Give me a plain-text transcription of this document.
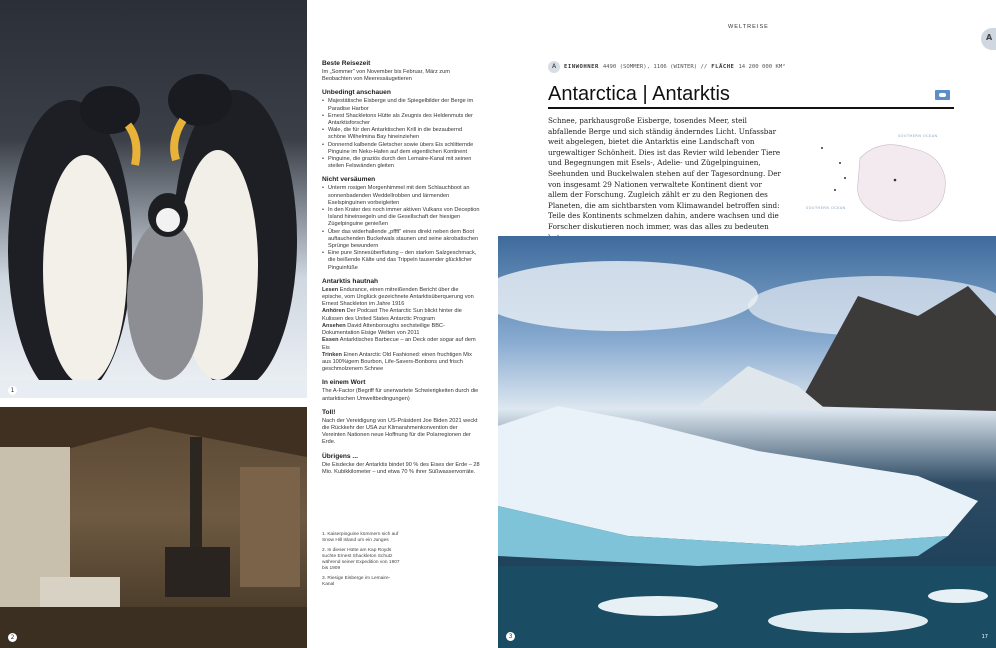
1
2
Beste Reisezeit

Im „Sommer" von November bis Februar, März zum Beobachten von Meeressäugetieren

Unbedingt anschauen
• Majestätische Eisberge und die Spiegelbilder der Berge im Paradise Harbor
• Ernest Shackletons Hütte als Zeugnis des Heldenmuts der Antarktisforscher
• Wale, die für den Antarktischen Krill in die bezaubernd schöne Wilhelmina Bay hineinziehen
• Donnernd kalbende Gletscher sowie übers Eis schlitternde Pinguine im Neko-Hafen auf dem eigentlichen Kontinent
• Pinguine, die graziös durch den Lemaire-Kanal mit seinen steilen Felswänden gleiten
Nicht versäumen
• Unterm rosigen Morgenhimmel mit dem Schlauchboot an sonnenbadenden Weddellrobben und lärmenden Eselspinguinen vorbeigleiten
• In den Krater des noch immer aktiven Vulkans von Deception Island hineinsegeln und die Gesellschaft der hiesigen Zügelpinguine genießen
• Über das widerhallende „pffft" eines direkt neben dem Boot auftauchenden Buckelwals staunen und seine akrobatischen Sprünge bewundern
• Eine pure Sinnesüberflutung – den starken Salzgeschmack, die beißende Kälte und das Trippeln tausender glücklicher Pinguinfüße
Antarktis hautnah

Lesen Endurance, einen mitreißenden Bericht über die epische, vom Unglück gezeichnete Antarktisüberquerung von Ernest Shackleton im Jahre 1916

Anhören Der Podcast The Antarctic Sun blickt hinter die Kulissen des United States Antarctic Program

Ansehen David Attenboroughs sechsteilige BBC-Dokumentation Eisige Welten von 2011

Essen Antarktisches Barbecue – an Deck oder sogar auf dem Eis

Trinken Einen Antarctic Old Fashioned: einen fruchtigen Mix aus 100%igem Bourbon, Life-Savers-Bonbons und frisch geschmolzenem Schnee

In einem Wort

The A-Factor (Begriff für unerwartete Schwierigkeiten durch die antarktischen Umweltbedingungen)

Toll!

Nach der Vereidigung von US-Präsident Joe Biden 2021 weckt die Rückkehr der USA zur Klimarahmenkonvention der Vereinten Nationen neue Hoffnung für die Polarregionen der Erde.

Übrigens ...

Die Eisdecke der Antarktis bindet 90 % des Eises der Erde – 28 Mio. Kubikkilometer – und etwa 70 % ihrer Süßwasservorräte.

1. Kaiserpinguine kümmern sich auf Snow Hill Island um ein Junges
2. In dieser Hütte am Kap Royds suchte Ernest Shackleton Schutz während seiner Expedition von 1907 bis 1909
3. Riesige Eisberge im Lemaire-Kanal
WELTREISE
A
A	EINWOHNER 4490 (SOMMER), 1106 (WINTER) // FLÄCHE 14 200 000 KM²
Antarctica | Antarktis
Schnee, parkhausgroße Eisberge, tosendes Meer, steil abfallende Berge und sich ständig änderndes Licht. Unfassbar weit abgelegen, bietet die Antarktis eine Landschaft von urgewaltiger Schönheit. Dies ist das Revier wild lebender Tiere und Begegnungen mit Esels-, Adelie- und Zügelpinguinen, Seehunden und Buckelwalen stehen auf der Tagesordnung. Der von insgesamt 29 Nationen verwaltete Kontinent dient vor allem der Forschung. Zugleich zählt er zu den Regionen des Planeten, die am sichtbarsten vom Klimawandel betroffen sind: Teile des Kontinents schmelzen dahin, andere wachsen und die Forscher diskutieren noch immer, was das alles zu bedeuten
SOUTHERN OCEAN
SOUTHERN OCEAN
3	17
